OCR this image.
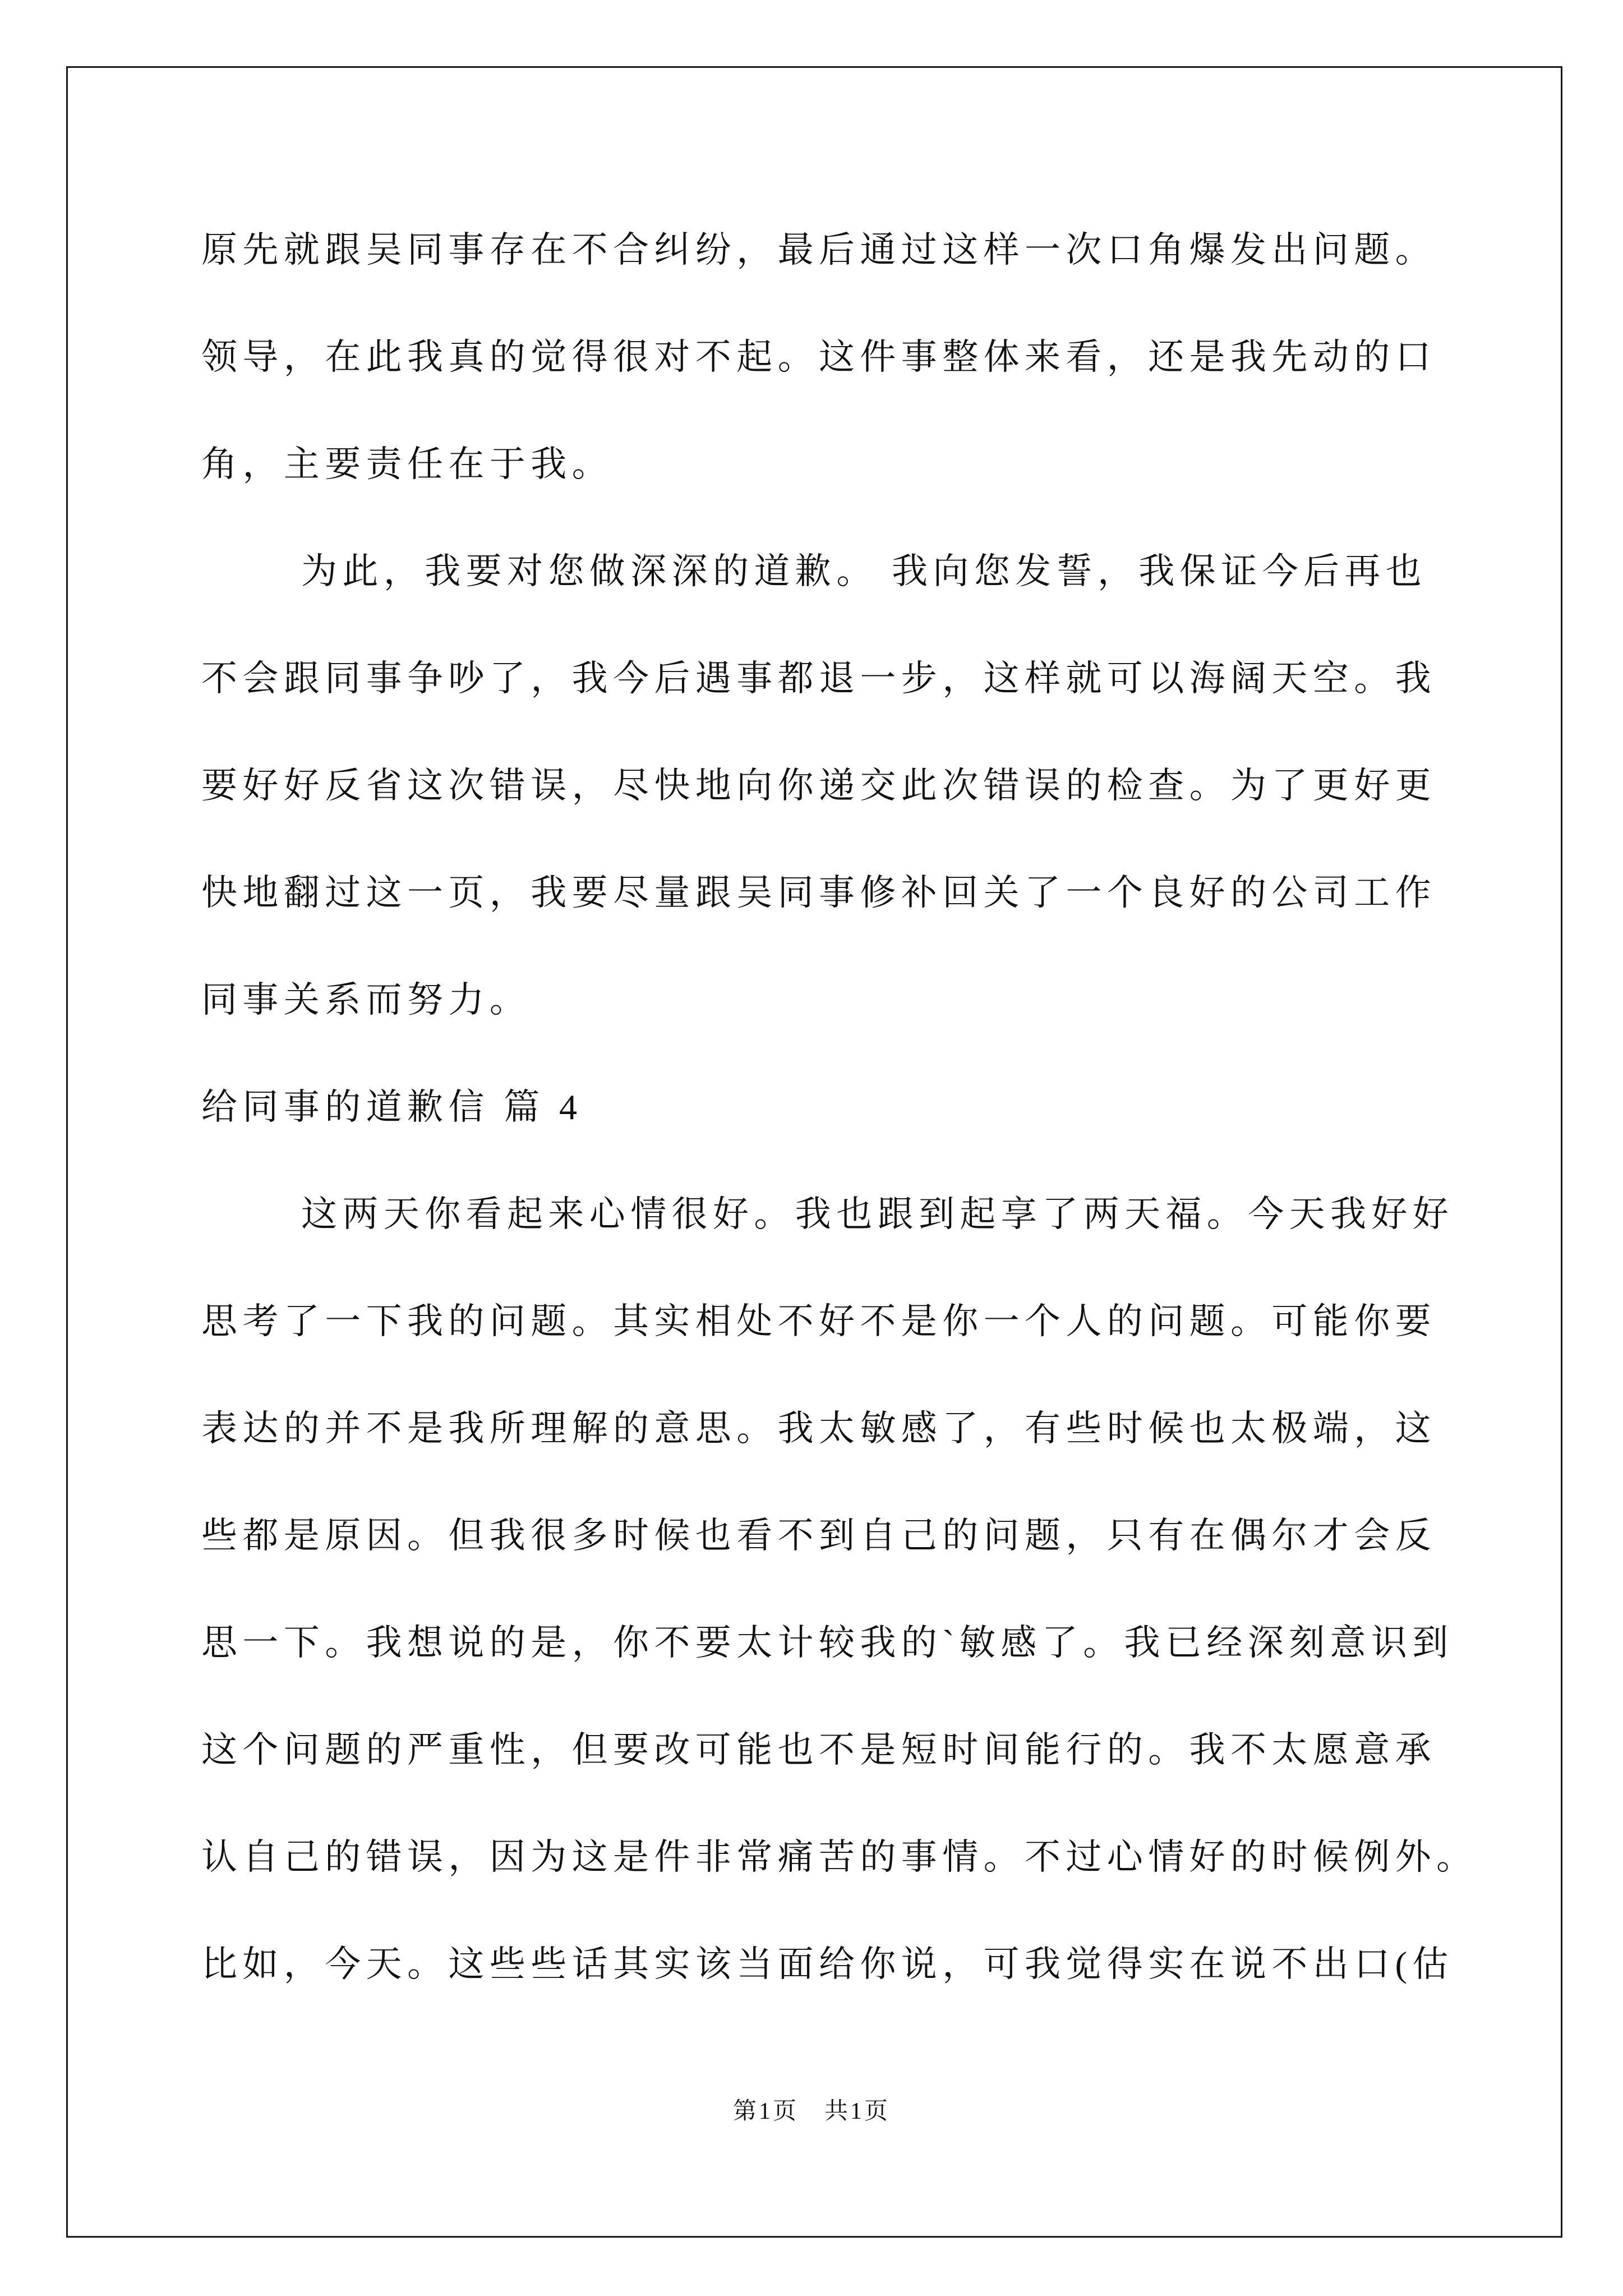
原先就跟吴同事存在不合纠纷，最后通过这样一次口角爆发出问题。
领导，在此我真的觉得很对不起。这件事整体来看，还是我先动的口
角，主要责任在于我。
为此，我要对您做深深的道歉。 我向您发誓，我保证今后再也
不会跟同事争吵了，我今后遇事都退一步，这样就可以海阔天空。我
要好好反省这次错误，尽快地向你递交此次错误的检查。为了更好更
快地翻过这一页，我要尽量跟吴同事修补回关了一个良好的公司工作
同事关系而努力。
给同事的道歉信 篇 4
这两天你看起来心情很好。我也跟到起享了两天福。今天我好好
思考了一下我的问题。其实相处不好不是你一个人的问题。可能你要
表达的并不是我所理解的意思。我太敏感了，有些时候也太极端，这
些都是原因。但我很多时候也看不到自己的问题，只有在偶尔才会反
思一下。我想说的是，你不要太计较我的`敏感了。我已经深刻意识到
这个问题的严重性，但要改可能也不是短时间能行的。我不太愿意承
认自己的错误，因为这是件非常痛苦的事情。不过心情好的时候例外。
比如，今天。这些些话其实该当面给你说，可我觉得实在说不出口(估
第1页　共1页
